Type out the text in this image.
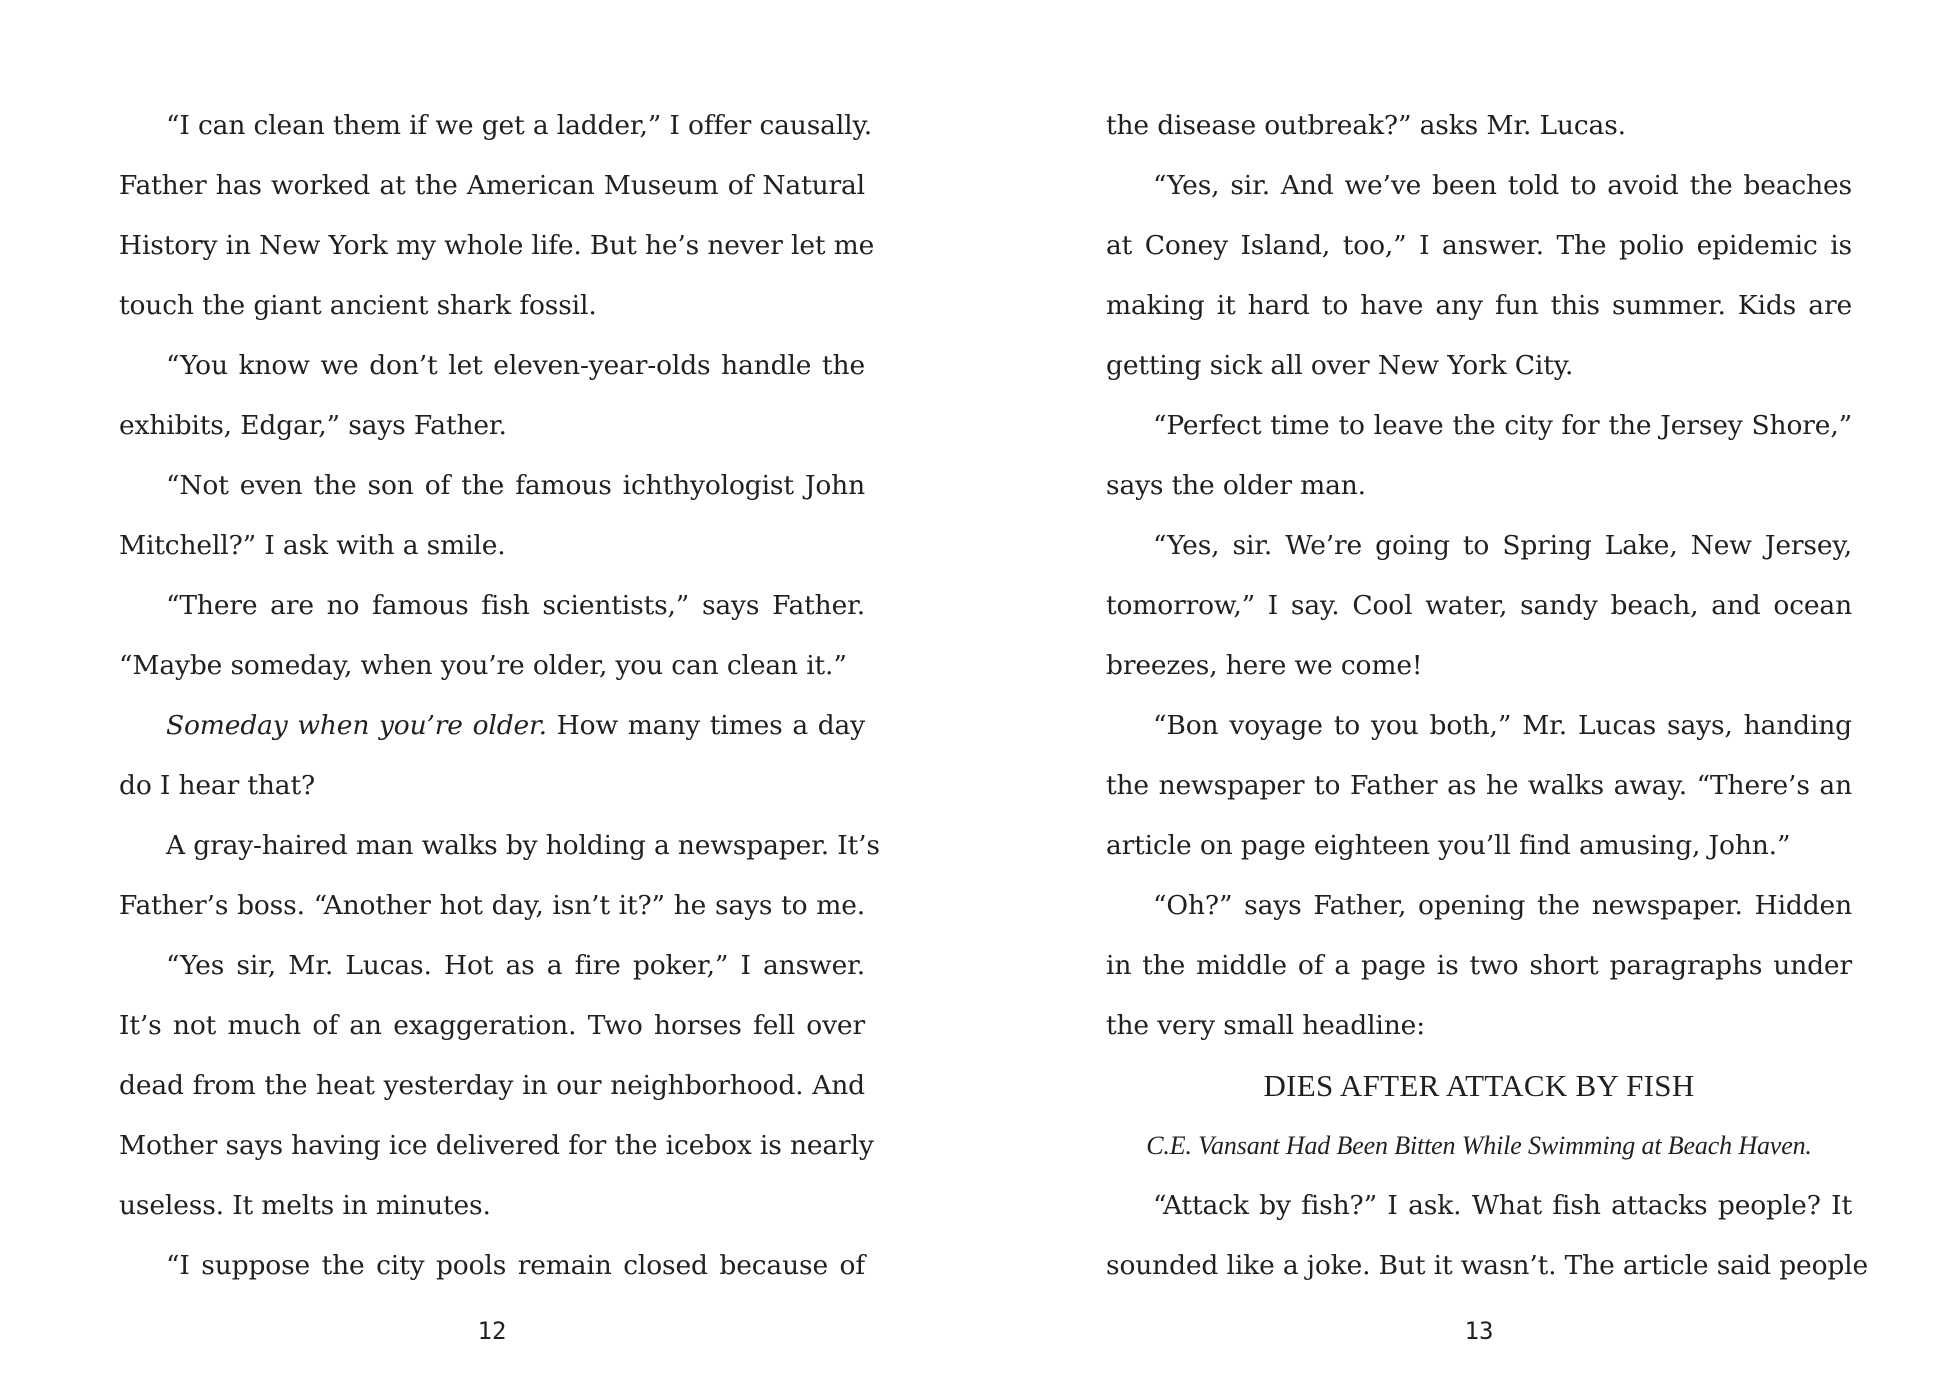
“I can clean them if we get a ladder,” I offer causally.
Father has worked at the American Museum of Natural
History in New York my whole life. But he’s never let me
touch the giant ancient shark fossil.
“You know we don’t let eleven-year-olds handle the
exhibits, Edgar,” says Father.
“Not even the son of the famous ichthyologist John
Mitchell?” I ask with a smile.
“There are no famous fish scientists,” says Father.
“Maybe someday, when you’re older, you can clean it.”
Someday when you’re older. How many times a day
do I hear that?
A gray-haired man walks by holding a newspaper. It’s
Father’s boss. “Another hot day, isn’t it?” he says to me.
“Yes sir, Mr. Lucas. Hot as a fire poker,” I answer.
It’s not much of an exaggeration. Two horses fell over
dead from the heat yesterday in our neighborhood. And
Mother says having ice delivered for the icebox is nearly
useless. It melts in minutes.
“I suppose the city pools remain closed because of
12
the disease outbreak?” asks Mr. Lucas.
“Yes, sir. And we’ve been told to avoid the beaches
at Coney Island, too,” I answer. The polio epidemic is
making it hard to have any fun this summer. Kids are
getting sick all over New York City.
“Perfect time to leave the city for the Jersey Shore,”
says the older man.
“Yes, sir. We’re going to Spring Lake, New Jersey,
tomorrow,” I say. Cool water, sandy beach, and ocean
breezes, here we come!
“Bon voyage to you both,” Mr. Lucas says, handing
the newspaper to Father as he walks away. “There’s an
article on page eighteen you’ll find amusing, John.”
“Oh?” says Father, opening the newspaper. Hidden
in the middle of a page is two short paragraphs under
the very small headline:
DIES AFTER ATTACK BY FISH
C.E. Vansant Had Been Bitten While Swimming at Beach Haven.
“Attack by fish?” I ask. What fish attacks people? It
sounded like a joke. But it wasn’t. The article said people
13
